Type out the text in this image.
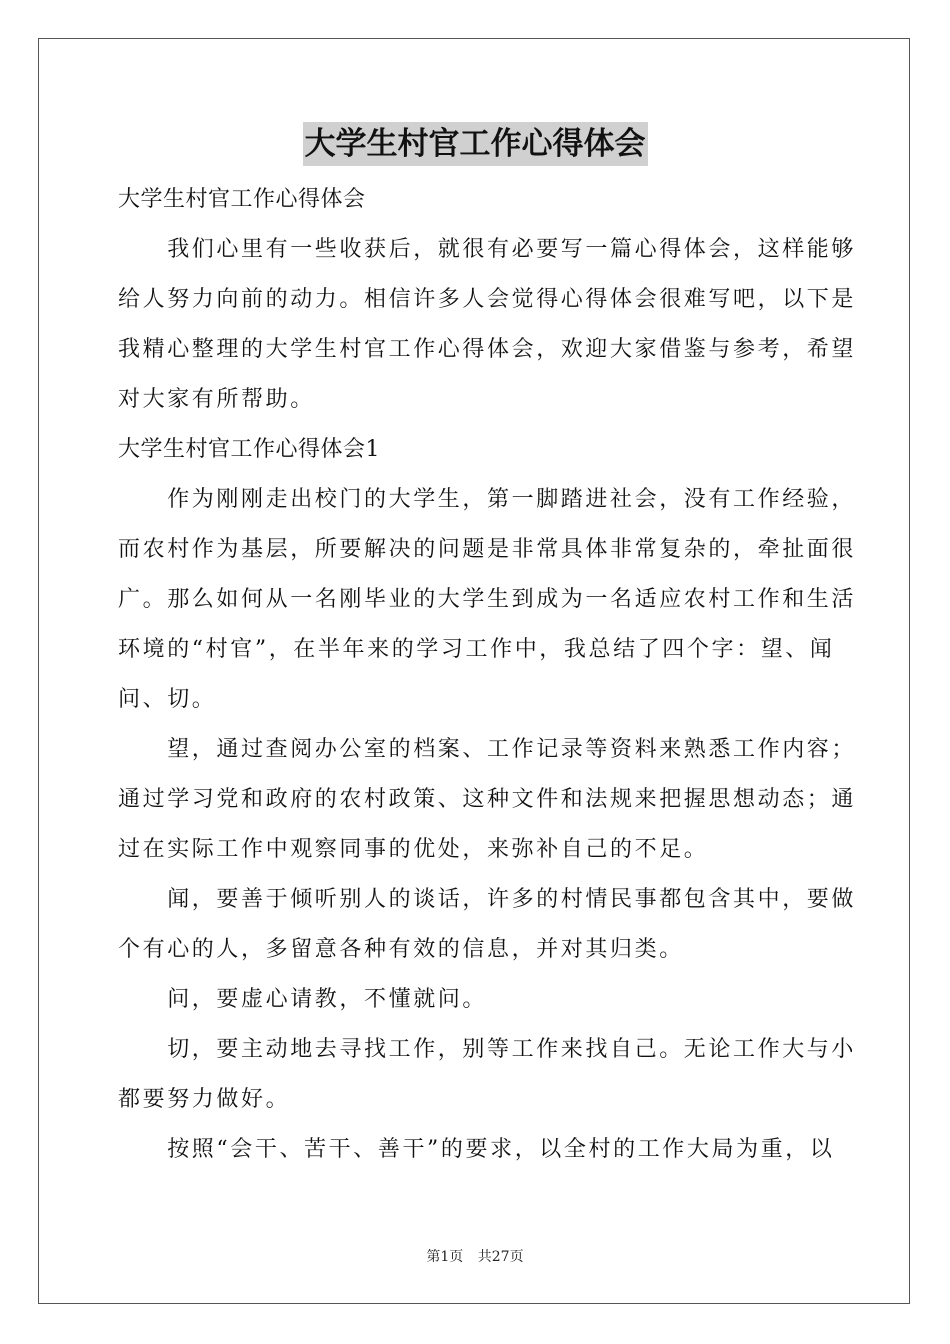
大学生村官工作心得体会

大学生村官工作心得体会

　　我们心里有一些收获后，就很有必要写一篇心得体会，这样能够

给人努力向前的动力。相信许多人会觉得心得体会很难写吧，以下是

我精心整理的大学生村官工作心得体会，欢迎大家借鉴与参考，希望

对大家有所帮助。

大学生村官工作心得体会1

　　作为刚刚走出校门的大学生，第一脚踏进社会，没有工作经验，

而农村作为基层，所要解决的问题是非常具体非常复杂的，牵扯面很

广。那么如何从一名刚毕业的大学生到成为一名适应农村工作和生活

环境的“村官”，在半年来的学习工作中，我总结了四个字：望、闻

问、切。

　　望，通过查阅办公室的档案、工作记录等资料来熟悉工作内容；

通过学习党和政府的农村政策、这种文件和法规来把握思想动态；通

过在实际工作中观察同事的优处，来弥补自己的不足。

　　闻，要善于倾听别人的谈话，许多的村情民事都包含其中，要做

个有心的人，多留意各种有效的信息，并对其归类。

　　问，要虚心请教，不懂就问。

　　切，要主动地去寻找工作，别等工作来找自己。无论工作大与小

都要努力做好。

　　按照“会干、苦干、善干”的要求，以全村的工作大局为重，以

第1页 共27页
